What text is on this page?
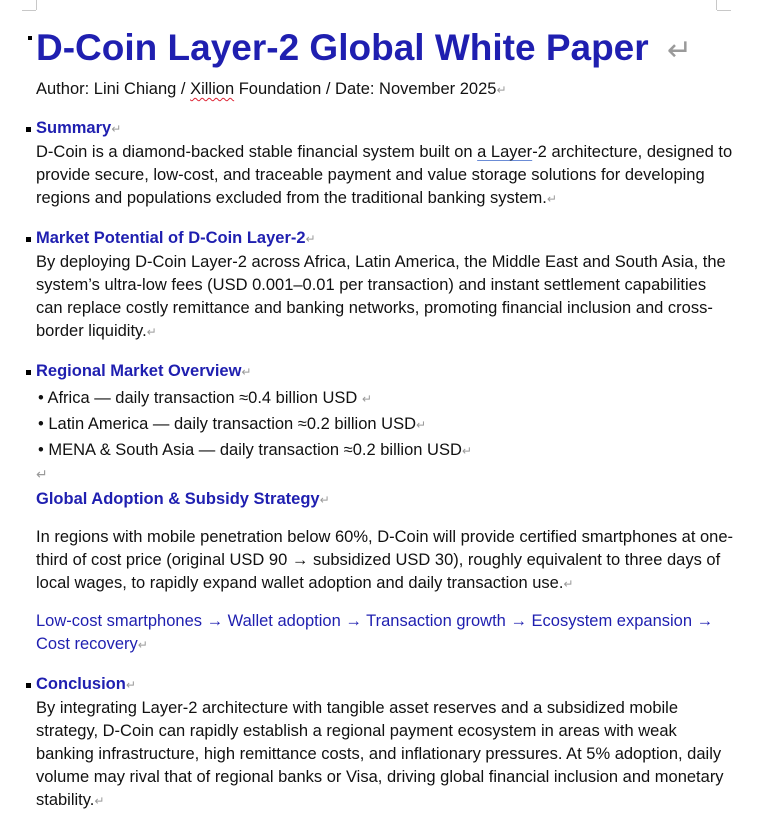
D-Coin Layer-2 Global White Paper ↵
Author: Lini Chiang / Xillion Foundation / Date: November 2025↵
Summary↵

D-Coin is a diamond-backed stable financial system built on a Layer-2 architecture, designed to provide secure, low-cost, and traceable payment and value storage solutions for developing regions and populations excluded from the traditional banking system.↵

Market Potential of D-Coin Layer-2↵

By deploying D-Coin Layer-2 across Africa, Latin America, the Middle East and South Asia, the system’s ultra-low fees (USD 0.001–0.01 per transaction) and instant settlement capabilities can replace costly remittance and banking networks, promoting financial inclusion and cross-border liquidity.↵

Regional Market Overview↵
• Africa — daily transaction ≈0.4 billion USD ↵
• Latin America — daily transaction ≈0.2 billion USD↵
• MENA & South Asia — daily transaction ≈0.2 billion USD↵
↵
Global Adoption & Subsidy Strategy↵

In regions with mobile penetration below 60%, D-Coin will provide certified smartphones at one-third of cost price (original USD 90 → subsidized USD 30), roughly equivalent to three days of local wages, to rapidly expand wallet adoption and daily transaction use.↵

Low-cost smartphones → Wallet adoption → Transaction growth → Ecosystem expansion → Cost recovery↵

Conclusion↵

By integrating Layer-2 architecture with tangible asset reserves and a subsidized mobile strategy, D-Coin can rapidly establish a regional payment ecosystem in areas with weak banking infrastructure, high remittance costs, and inflationary pressures. At 5% adoption, daily volume may rival that of regional banks or Visa, driving global financial inclusion and monetary stability.↵
